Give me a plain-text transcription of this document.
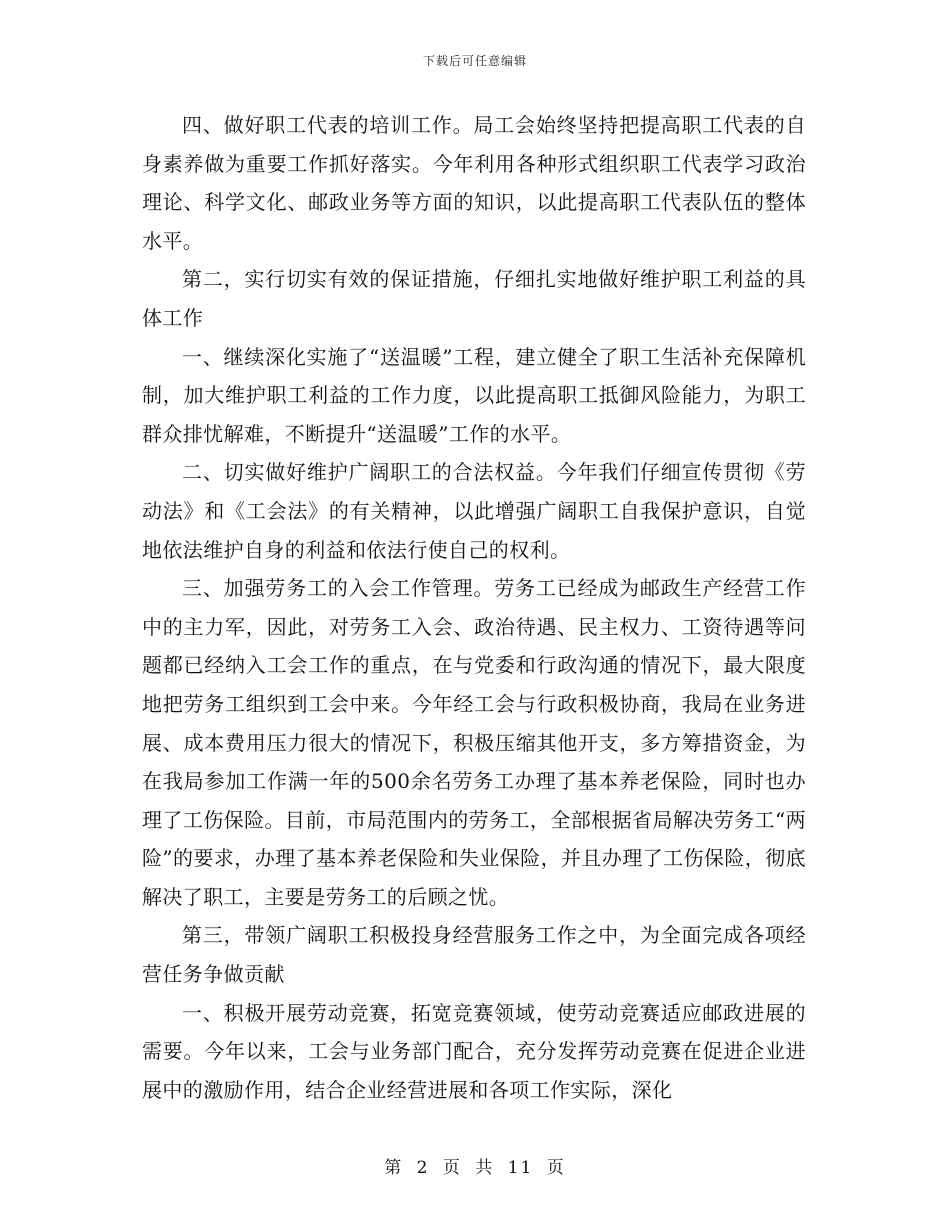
下载后可任意编辑

四、做好职工代表的培训工作。局工会始终坚持把提高职工代表的自身素养做为重要工作抓好落实。今年利用各种形式组织职工代表学习政治理论、科学文化、邮政业务等方面的知识，以此提高职工代表队伍的整体水平。

第二，实行切实有效的保证措施，仔细扎实地做好维护职工利益的具体工作

一、继续深化实施了“送温暖”工程，建立健全了职工生活补充保障机制，加大维护职工利益的工作力度，以此提高职工抵御风险能力，为职工群众排忧解难，不断提升“送温暖”工作的水平。

二、切实做好维护广阔职工的合法权益。今年我们仔细宣传贯彻《劳动法》和《工会法》的有关精神，以此增强广阔职工自我保护意识，自觉地依法维护自身的利益和依法行使自己的权利。

三、加强劳务工的入会工作管理。劳务工已经成为邮政生产经营工作中的主力军，因此，对劳务工入会、政治待遇、民主权力、工资待遇等问题都已经纳入工会工作的重点，在与党委和行政沟通的情况下，最大限度地把劳务工组织到工会中来。今年经工会与行政积极协商，我局在业务进展、成本费用压力很大的情况下，积极压缩其他开支，多方筹措资金，为在我局参加工作满一年的500余名劳务工办理了基本养老保险，同时也办理了工伤保险。目前，市局范围内的劳务工，全部根据省局解决劳务工“两险”的要求，办理了基本养老保险和失业保险，并且办理了工伤保险，彻底解决了职工，主要是劳务工的后顾之忧。

第三，带领广阔职工积极投身经营服务工作之中，为全面完成各项经营任务争做贡献

一、积极开展劳动竞赛，拓宽竞赛领域，使劳动竞赛适应邮政进展的需要。今年以来，工会与业务部门配合，充分发挥劳动竞赛在促进企业进展中的激励作用，结合企业经营进展和各项工作实际，深化

第 2 页 共 11 页
